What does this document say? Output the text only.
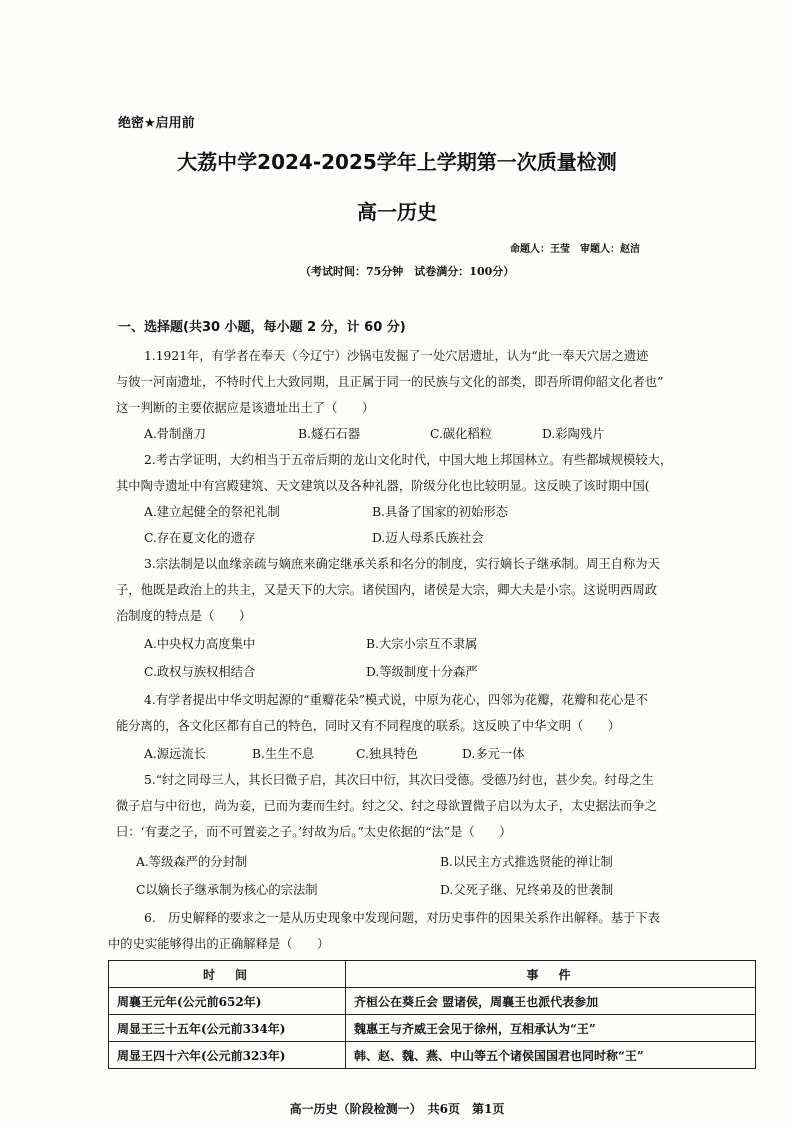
绝密★启用前
大荔中学2024-2025学年上学期第一次质量检测
高一历史
命题人：王莹　审题人：赵洁
（考试时间：75分钟　试卷满分：100分）
一、选择题(共30 小题，每小题 2 分，计 60 分)
1.1921年，有学者在奉天（今辽宁）沙锅屯发掘了一处穴居遗址，认为“此一奉天穴居之遗迹
与彼一河南遗址，不特时代上大致同期，且正属于同一的民族与文化的部类，即吾所谓仰韶文化者也”
这一判断的主要依据应是该遗址出土了（　　）
A.骨制凿刀	B.燧石石器	C.碳化稻粒	D.彩陶残片
2.考古学证明，大约相当于五帝后期的龙山文化时代，中国大地上邦国林立。有些都城规模较大，
其中陶寺遗址中有宫殿建筑、天文建筑以及各种礼器，阶级分化也比较明显。这反映了该时期中国(
A.建立起健全的祭祀礼制	B.具备了国家的初始形态
C.存在夏文化的遗存	D.迈人母系氏族社会
3.宗法制是以血缘亲疏与嫡庶来确定继承关系和名分的制度，实行嫡长子继承制。周王自称为天
子，他既是政治上的共主，又是天下的大宗。诸侯国内，诸侯是大宗，卿大夫是小宗。这说明西周政
治制度的特点是（　　）
A.中央权力高度集中	B.大宗小宗互不隶属
C.政权与族权相结合	D.等级制度十分森严
4.有学者提出中华文明起源的“重瓣花朵”模式说，中原为花心，四邻为花瓣，花瓣和花心是不
能分离的，各文化区都有自己的特色，同时又有不同程度的联系。这反映了中华文明（　　）
A.源远流长	B.生生不息	C.独具特色	D.多元一体
5.“纣之同母三人，其长曰微子启，其次曰中衍，其次曰受德。受德乃纣也，甚少矣。纣母之生
微子启与中衍也，尚为妾，已而为妻而生纣。纣之父、纣之母欲置微子启以为太子，太史据法而争之
曰：‘有妻之子，而不可置妾之子。’纣故为后。”太史依据的“法”是（　　）
A.等级森严的分封制	B.以民主方式推选贤能的禅让制
C以嫡长子继承制为核心的宗法制	D.父死子继、兄终弟及的世袭制
6.　历史解释的要求之一是从历史现象中发现问题，对历史事件的因果关系作出解释。基于下表
中的史实能够得出的正确解释是（　　）
时　间	事　件
周襄王元年(公元前652年)	齐桓公在葵丘会 盟诸侯，周襄王也派代表参加
周显王三十五年(公元前334年)	魏惠王与齐威王会见于徐州，互相承认为“王”
周显王四十六年(公元前323年)	韩、赵、魏、燕、中山等五个诸侯国国君也同时称“王”
高一历史（阶段检测一）　共6页　第1页
